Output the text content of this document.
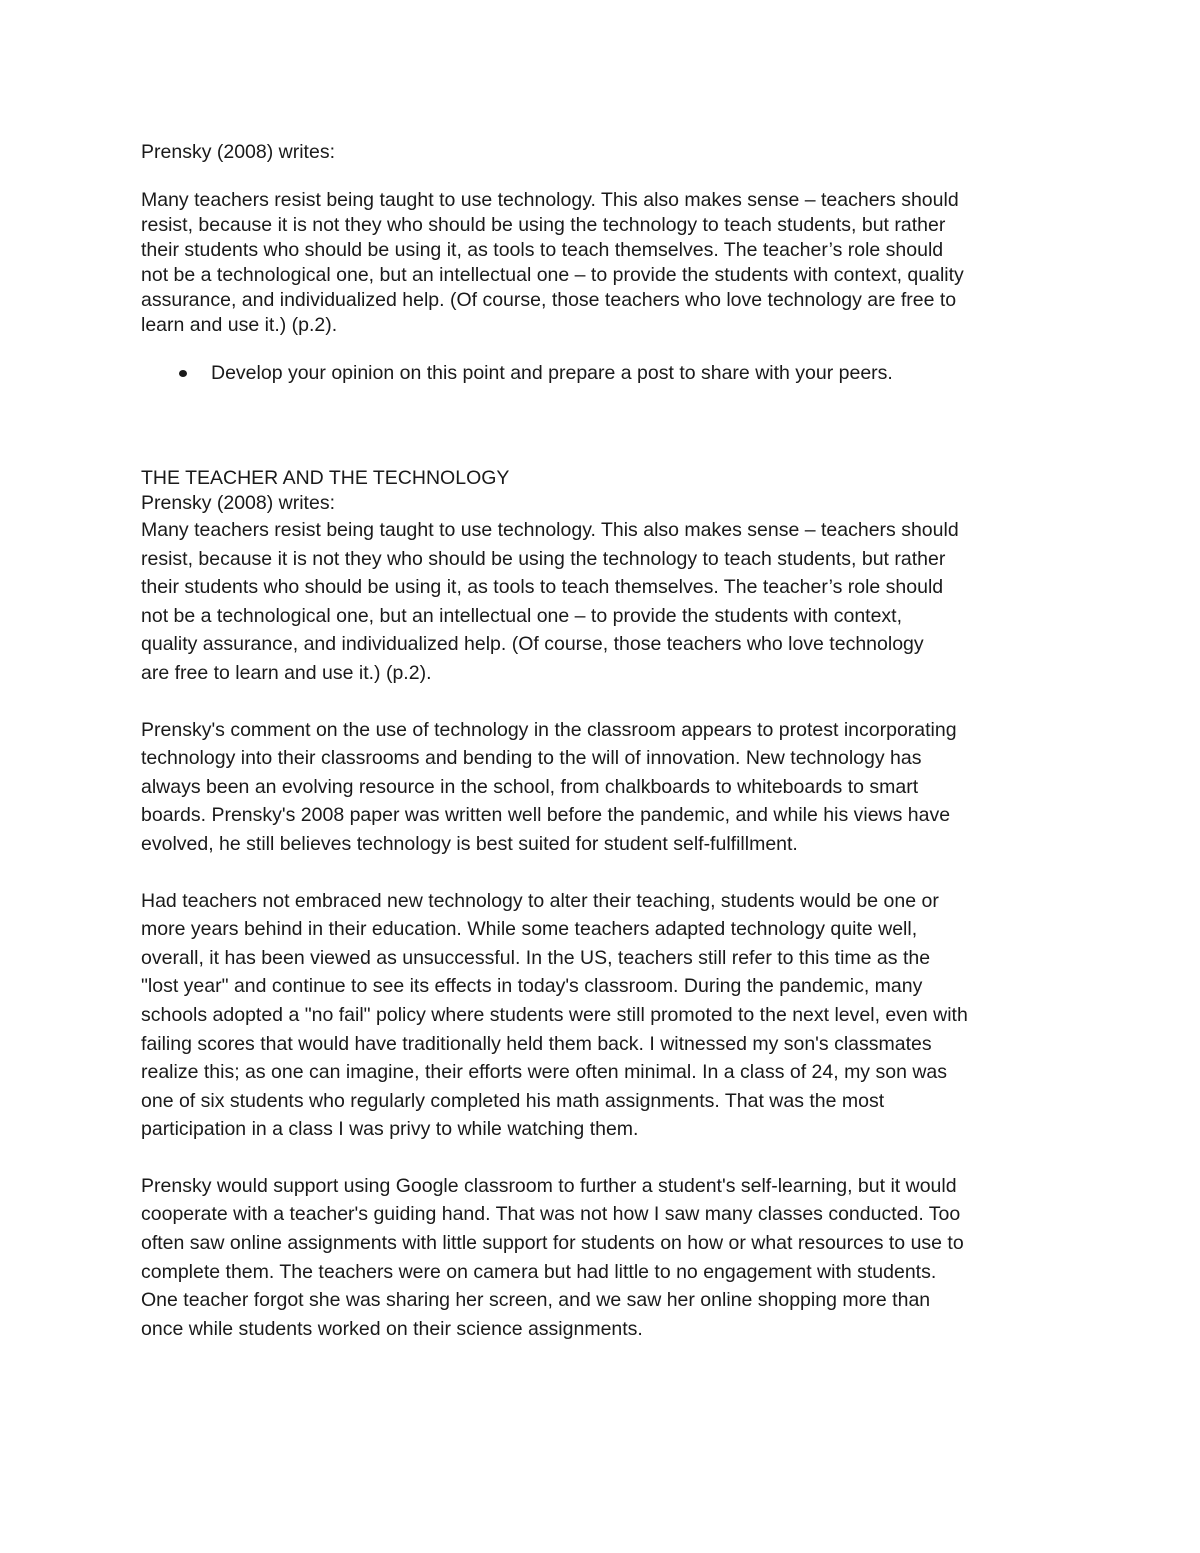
Prensky (2008) writes:

Many teachers resist being taught to use technology. This also makes sense – teachers should

resist, because it is not they who should be using the technology to teach students, but rather

their students who should be using it, as tools to teach themselves. The teacher’s role should

not be a technological one, but an intellectual one – to provide the students with context, quality

assurance, and individualized help. (Of course, those teachers who love technology are free to

learn and use it.) (p.2).

Develop your opinion on this point and prepare a post to share with your peers.

THE TEACHER AND THE TECHNOLOGY

Prensky (2008) writes:

Many teachers resist being taught to use technology. This also makes sense – teachers should

resist, because it is not they who should be using the technology to teach students, but rather

their students who should be using it, as tools to teach themselves. The teacher’s role should

not be a technological one, but an intellectual one – to provide the students with context,

quality assurance, and individualized help. (Of course, those teachers who love technology

are free to learn and use it.) (p.2).

Prensky's comment on the use of technology in the classroom appears to protest incorporating

technology into their classrooms and bending to the will of innovation. New technology has

always been an evolving resource in the school, from chalkboards to whiteboards to smart

boards. Prensky's 2008 paper was written well before the pandemic, and while his views have

evolved, he still believes technology is best suited for student self-fulfillment.

Had teachers not embraced new technology to alter their teaching, students would be one or

more years behind in their education. While some teachers adapted technology quite well,

overall, it has been viewed as unsuccessful. In the US, teachers still refer to this time as the

"lost year" and continue to see its effects in today's classroom. During the pandemic, many

schools adopted a "no fail" policy where students were still promoted to the next level, even with

failing scores that would have traditionally held them back. I witnessed my son's classmates

realize this; as one can imagine, their efforts were often minimal. In a class of 24, my son was

one of six students who regularly completed his math assignments. That was the most

participation in a class I was privy to while watching them.

Prensky would support using Google classroom to further a student's self-learning, but it would

cooperate with a teacher's guiding hand. That was not how I saw many classes conducted. Too

often saw online assignments with little support for students on how or what resources to use to

complete them. The teachers were on camera but had little to no engagement with students.

One teacher forgot she was sharing her screen, and we saw her online shopping more than

once while students worked on their science assignments.
